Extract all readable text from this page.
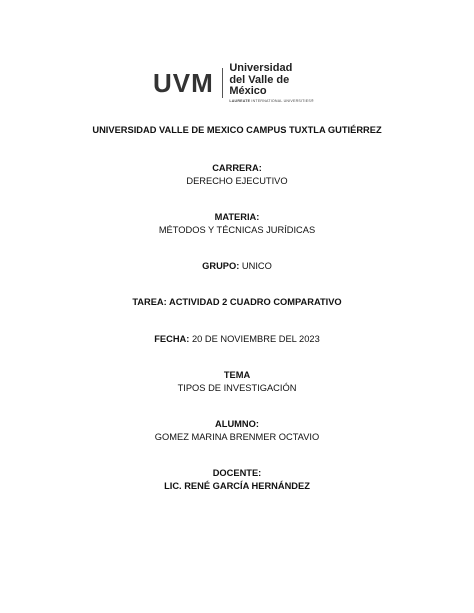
UVM
Universidad
del Valle de México
LAUREATE INTERNATIONAL UNIVERSITIES®
UNIVERSIDAD VALLE DE MEXICO CAMPUS TUXTLA GUTIÉRREZ
CARRERA:
DERECHO EJECUTIVO
MATERIA:
MÉTODOS Y TÉCNICAS JURÍDICAS
GRUPO: UNICO
TAREA: ACTIVIDAD 2 CUADRO COMPARATIVO
FECHA: 20 DE NOVIEMBRE DEL 2023
TEMA
TIPOS DE INVESTIGACIÓN
ALUMNO:
GOMEZ MARINA BRENMER OCTAVIO
DOCENTE:
LIC. RENÉ GARCÍA HERNÁNDEZ
